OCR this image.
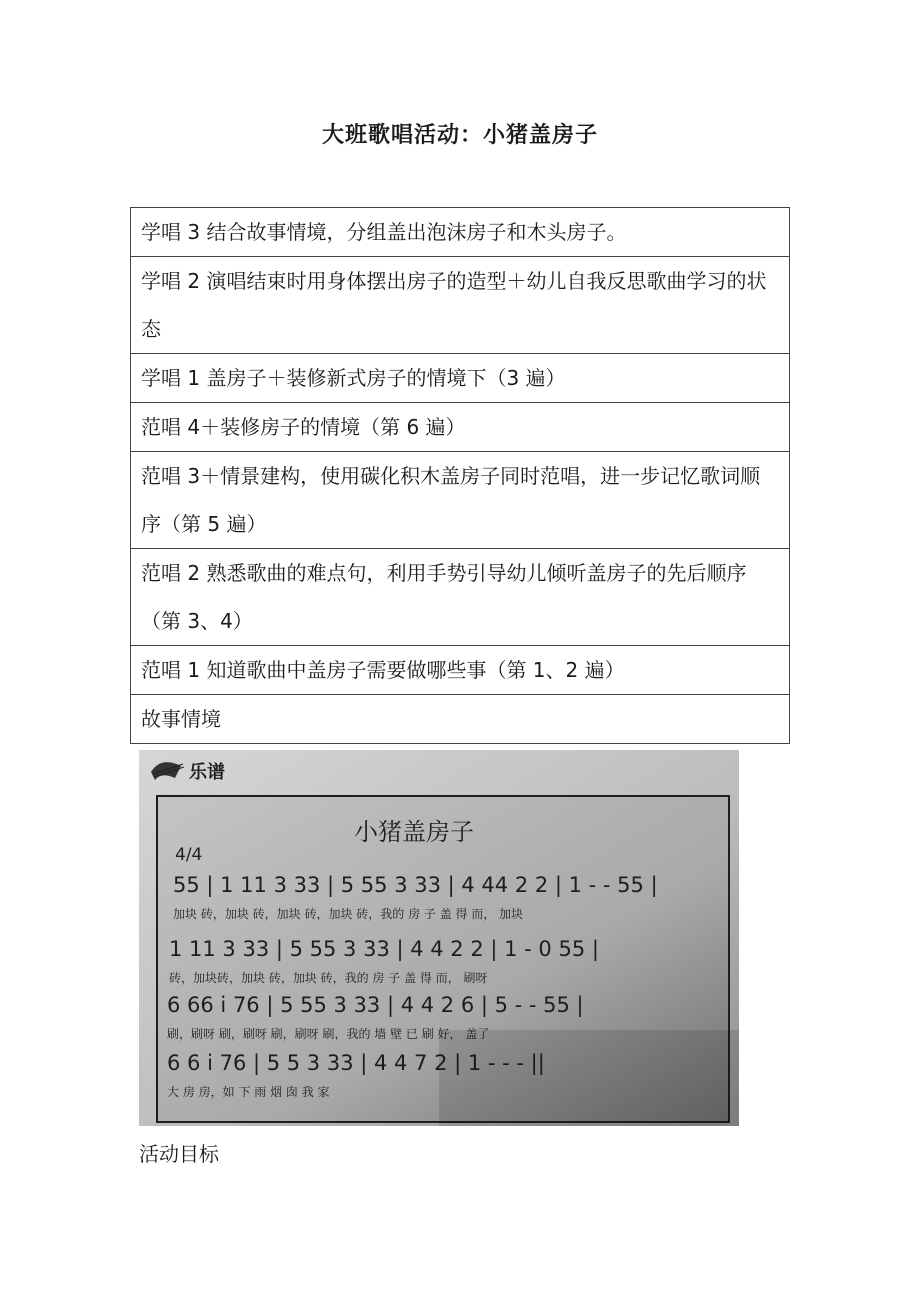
大班歌唱活动：小猪盖房子
学唱 3 结合故事情境，分组盖出泡沫房子和木头房子。
学唱 2 演唱结束时用身体摆出房子的造型＋幼儿自我反思歌曲学习的状态
学唱 1 盖房子＋装修新式房子的情境下（3 遍）
范唱 4＋装修房子的情境（第 6 遍）
范唱 3＋情景建构，使用碳化积木盖房子同时范唱，进一步记忆歌词顺序（第 5 遍）
范唱 2 熟悉歌曲的难点句，利用手势引导幼儿倾听盖房子的先后顺序（第 3、4）
范唱 1 知道歌曲中盖房子需要做哪些事（第 1、2 遍）
故事情境
乐谱
小猪盖房子
4/4
55 | 1 11 3 33 | 5 55 3 33 | 4 44 2 2 | 1 - - 55 |
加块 砖，加块 砖，加块 砖，加块 砖，我的 房 子 盖 得 而， 加块
1 11 3 33 | 5 55 3 33 | 4 4 2 2 | 1 - 0 55 |
砖，加块砖，加块 砖，加块 砖，我的 房 子 盖 得 而， 刷呀
6 66 i 76 | 5 55 3 33 | 4 4 2 6 | 5 - - 55 |
刷，刷呀 刷，刷呀 刷，刷呀 刷，我的 墙 壁 已 刷 好， 盖了
6 6 i 76 | 5 5 3 33 | 4 4 7 2 | 1 - - - ||
大 房 房，如 下 雨 烟 囱 我 家
活动目标
